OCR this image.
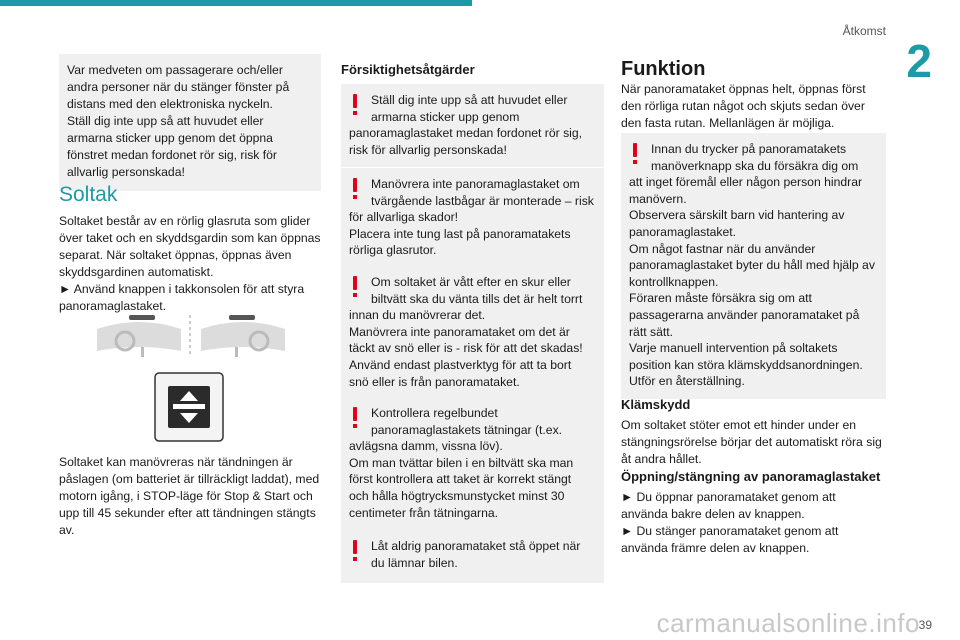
Åtkomst
2
carmanualsonline.info
39
Var medveten om passagerare och/eller andra personer när du stänger fönster på distans med den elektroniska nyckeln.
Ställ dig inte upp så att huvudet eller armarna sticker upp genom det öppna fönstret medan fordonet rör sig, risk för allvarlig personskada!
Soltak
Soltaket består av en rörlig glasruta som glider över taket och en skyddsgardin som kan öppnas separat. När soltaket öppnas, öppnas även skyddsgardinen automatiskt.
► Använd knappen i takkonsolen för att styra panoramaglastaket.
Soltaket kan manövreras när tändningen är påslagen (om batteriet är tillräckligt laddat), med motorn igång, i STOP-läge för Stop & Start och upp till 45 sekunder efter att tändningen stängts av.
Försiktighetsåtgärder
Ställ dig inte upp så att huvudet eller armarna sticker upp genom
panoramaglastaket medan fordonet rör sig, risk för allvarlig personskada!
Manövrera inte panoramaglastaket om tvärgående lastbågar är monterade – risk
för allvarliga skador!
Placera inte tung last på panoramatakets rörliga glasrutor.
Om soltaket är vått efter en skur eller biltvätt ska du vänta tills det är helt torrt
innan du manövrerar det.
Manövrera inte panoramataket om det är täckt av snö eller is - risk för att det skadas!
Använd endast plastverktyg för att ta bort snö eller is från panoramataket.
Kontrollera regelbundet panoramaglastakets tätningar (t.ex.
avlägsna damm, vissna löv).
Om man tvättar bilen i en biltvätt ska man först kontrollera att taket är korrekt stängt och hålla högtrycksmunstycket minst 30 centimeter från tätningarna.
Låt aldrig panoramataket stå öppet när du lämnar bilen.
Funktion
När panoramataket öppnas helt, öppnas först den rörliga rutan något och skjuts sedan över den fasta rutan. Mellanlägen är möjliga.
Innan du trycker på panoramatakets manöverknapp ska du försäkra dig om
att inget föremål eller någon person hindrar manövern.
Observera särskilt barn vid hantering av panoramaglastaket.
Om något fastnar när du använder panoramaglastaket byter du håll med hjälp av kontrollknappen.
Föraren måste försäkra sig om att passagerarna använder panoramataket på rätt sätt.
Varje manuell intervention på soltakets position kan störa klämskyddsanordningen.
Utför en återställning.
Klämskydd
Om soltaket stöter emot ett hinder under en stängningsrörelse börjar det automatiskt röra sig åt andra hållet.
Öppning/stängning av panoramaglastaket
► Du öppnar panoramataket genom att använda bakre delen av knappen.
► Du stänger panoramataket genom att använda främre delen av knappen.
